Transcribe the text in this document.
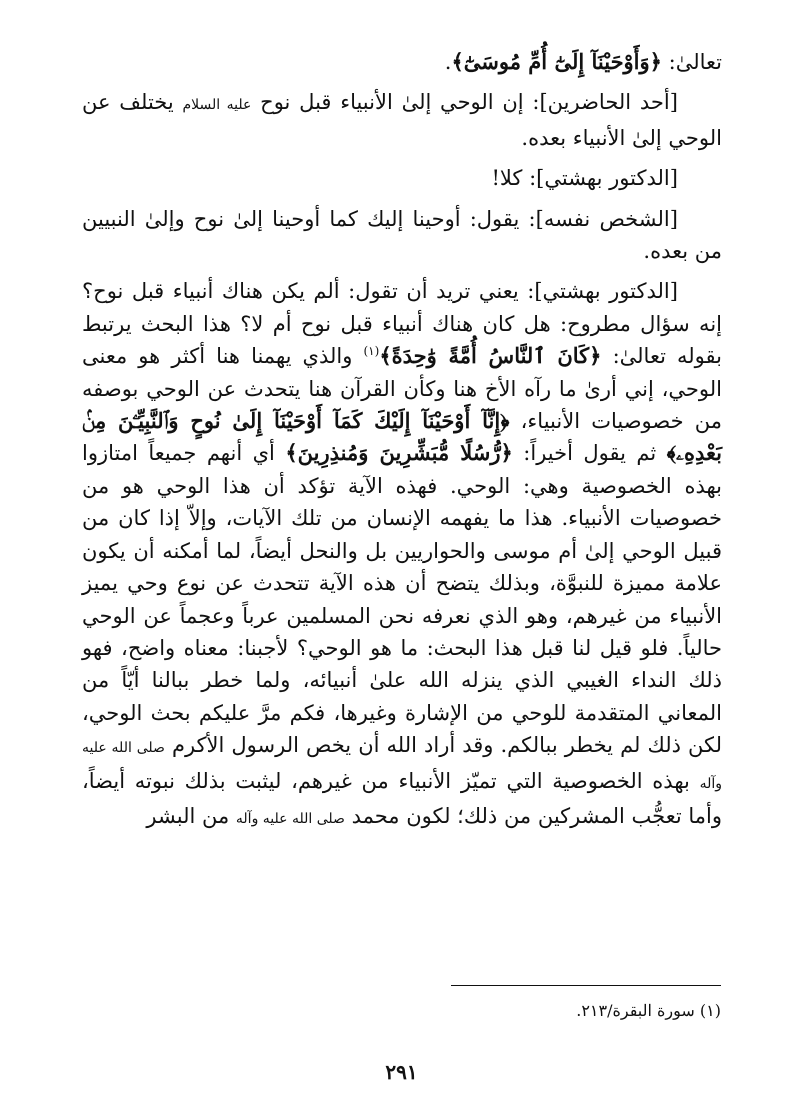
تعالىٰ: ﴿وَأَوْحَيْنَآ إِلَىٰٓ أُمِّ مُوسَىٰٓ﴾.

[أحد الحاضرين]: إن الوحي إلىٰ الأنبياء قبل نوح عليه السلام يختلف عن الوحي إلىٰ الأنبياء بعده.

[الدكتور بهشتي]: كلا!

[الشخص نفسه]: يقول: أوحينا إليك كما أوحينا إلىٰ نوح وإلىٰ النبيين من بعده.

[الدكتور بهشتي]: يعني تريد أن تقول: ألم يكن هناك أنبياء قبل نوح؟ إنه سؤال مطروح: هل كان هناك أنبياء قبل نوح أم لا؟ هذا البحث يرتبط بقوله تعالىٰ: ﴿كَانَ ٱلنَّاسُ أُمَّةً وَٰحِدَةً﴾$^{(١)}$ والذي يهمنا هنا أكثر هو معنى الوحي، إني أرىٰ ما رآه الأخ هنا وكأن القرآن هنا يتحدث عن الوحي بوصفه من خصوصيات الأنبياء، ﴿إِنَّآ أَوْحَيْنَآ إِلَيْكَ كَمَآ أَوْحَيْنَآ إِلَىٰ نُوحٍ وَٱلنَّبِيِّـۧنَ مِنۢ بَعْدِهِۦ﴾ ثم يقول أخيراً: ﴿رُّسُلًا مُّبَشِّرِينَ وَمُنذِرِينَ﴾ أي أنهم جميعاً امتازوا بهذه الخصوصية وهي: الوحي. فهذه الآية تؤكد أن هذا الوحي هو من خصوصيات الأنبياء. هذا ما يفهمه الإنسان من تلك الآيات، وإلاّ إذا كان من قبيل الوحي إلىٰ أم موسى والحواريين بل والنحل أيضاً، لما أمكنه أن يكون علامة مميزة للنبوَّة، وبذلك يتضح أن هذه الآية تتحدث عن نوع وحي يميز الأنبياء من غيرهم، وهو الذي نعرفه نحن المسلمين عرباً وعجماً عن الوحي حالياً. فلو قيل لنا قبل هذا البحث: ما هو الوحي؟ لأجبنا: معناه واضح، فهو ذلك النداء الغيبي الذي ينزله الله علىٰ أنبيائه، ولما خطر ببالنا أيّاً من المعاني المتقدمة للوحي من الإشارة وغيرها، فكم مرَّ عليكم بحث الوحي، لكن ذلك لم يخطر ببالكم. وقد أراد الله أن يخص الرسول الأكرم صلى الله عليه وآله بهذه الخصوصية التي تميّز الأنبياء من غيرهم، ليثبت بذلك نبوته أيضاً، وأما تعجُّب المشركين من ذلك؛ لكون محمد صلى الله عليه وآله من البشر

(١) سورة البقرة/٢١٣.
٢٩١
